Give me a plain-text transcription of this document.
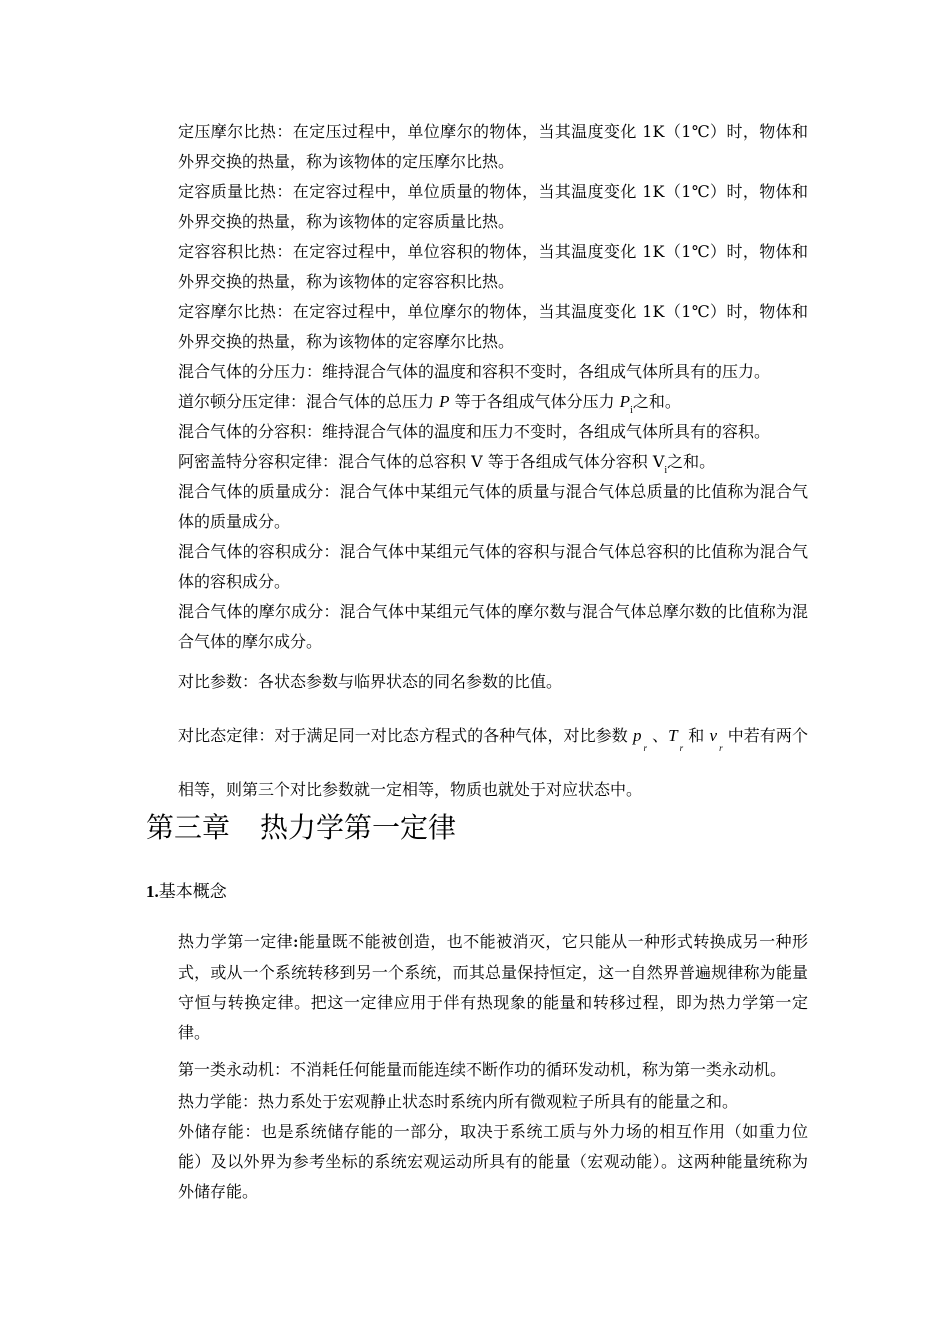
定压摩尔比热：在定压过程中，单位摩尔的物体，当其温度变化 1K（1℃）时，物体和外界交换的热量，称为该物体的定压摩尔比热。

定容质量比热：在定容过程中，单位质量的物体，当其温度变化 1K（1℃）时，物体和外界交换的热量，称为该物体的定容质量比热。

定容容积比热：在定容过程中，单位容积的物体，当其温度变化 1K（1℃）时，物体和外界交换的热量，称为该物体的定容容积比热。

定容摩尔比热：在定容过程中，单位摩尔的物体，当其温度变化 1K（1℃）时，物体和外界交换的热量，称为该物体的定容摩尔比热。

混合气体的分压力：维持混合气体的温度和容积不变时，各组成气体所具有的压力。

道尔顿分压定律：混合气体的总压力 P 等于各组成气体分压力 $P_i$之和。

混合气体的分容积：维持混合气体的温度和压力不变时，各组成气体所具有的容积。

阿密盖特分容积定律：混合气体的总容积 V 等于各组成气体分容积 $V_i$之和。

混合气体的质量成分：混合气体中某组元气体的质量与混合气体总质量的比值称为混合气体的质量成分。

混合气体的容积成分：混合气体中某组元气体的容积与混合气体总容积的比值称为混合气体的容积成分。

混合气体的摩尔成分：混合气体中某组元气体的摩尔数与混合气体总摩尔数的比值称为混合气体的摩尔成分。

对比参数：各状态参数与临界状态的同名参数的比值。

对比态定律：对于满足同一对比态方程式的各种气体，对比参数 $p_r$ 、$T_r$ 和 $v_r$ 中若有两个相等，则第三个对比参数就一定相等，物质也就处于对应状态中。

第三章 热力学第一定律
1.基本概念

热力学第一定律:能量既不能被创造，也不能被消灭，它只能从一种形式转换成另一种形式，或从一个系统转移到另一个系统，而其总量保持恒定，这一自然界普遍规律称为能量守恒与转换定律。把这一定律应用于伴有热现象的能量和转移过程，即为热力学第一定律。

第一类永动机：不消耗任何能量而能连续不断作功的循环发动机，称为第一类永动机。

热力学能：热力系处于宏观静止状态时系统内所有微观粒子所具有的能量之和。

外储存能：也是系统储存能的一部分，取决于系统工质与外力场的相互作用（如重力位能）及以外界为参考坐标的系统宏观运动所具有的能量（宏观动能）。这两种能量统称为外储存能。
